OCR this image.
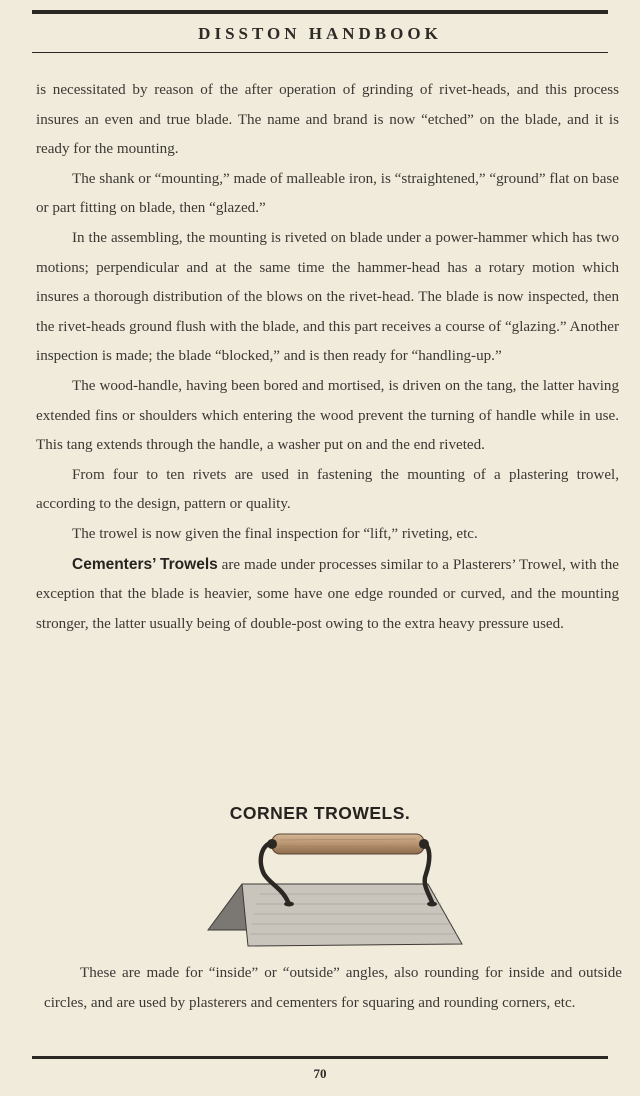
DISSTON HANDBOOK

is necessitated by reason of the after operation of grinding of rivet-heads, and this process insures an even and true blade. The name and brand is now “etched” on the blade, and it is ready for the mounting.

The shank or “mounting,” made of malleable iron, is “straightened,” “ground” flat on base or part fitting on blade, then “glazed.”

In the assembling, the mounting is riveted on blade under a power-hammer which has two motions; perpendicular and at the same time the hammer-head has a rotary motion which insures a thorough distribution of the blows on the rivet-head. The blade is now inspected, then the rivet-heads ground flush with the blade, and this part receives a course of “glazing.” Another inspection is made; the blade “blocked,” and is then ready for “handling-up.”

The wood-handle, having been bored and mortised, is driven on the tang, the latter having extended fins or shoulders which entering the wood prevent the turning of handle while in use. This tang extends through the handle, a washer put on and the end riveted.

From four to ten rivets are used in fastening the mounting of a plastering trowel, according to the design, pattern or quality.

The trowel is now given the final inspection for “lift,” riveting, etc.

Cementers’ Trowels are made under processes similar to a Plasterers’ Trowel, with the exception that the blade is heavier, some have one edge rounded or curved, and the mounting stronger, the latter usually being of double-post owing to the extra heavy pressure used.

CORNER TROWELS.

These are made for “inside” or “outside” angles, also rounding for inside and outside circles, and are used by plasterers and cementers for squaring and rounding corners, etc.

70
